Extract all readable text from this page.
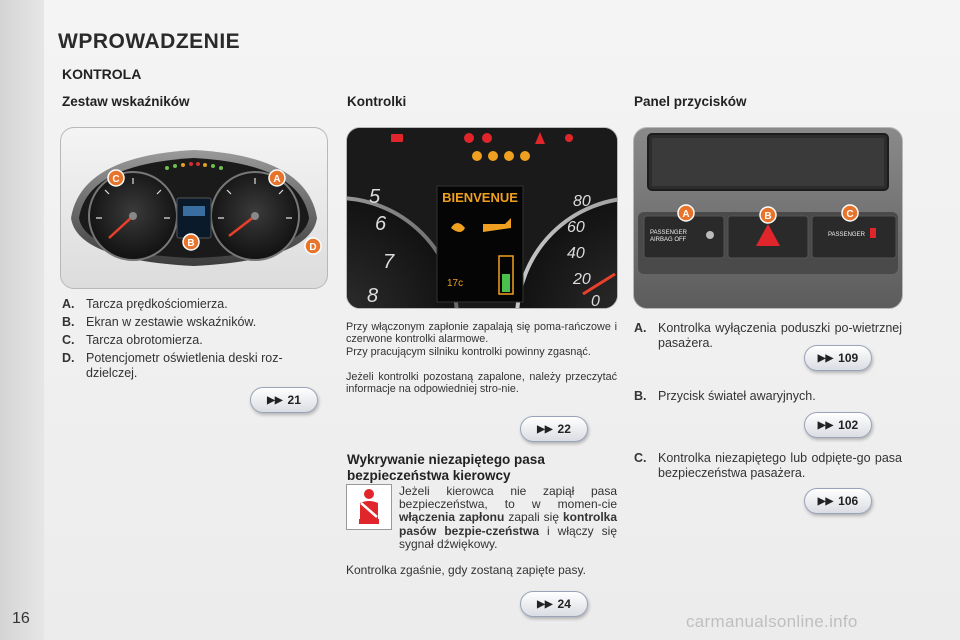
WPROWADZENIE
KONTROLA
Zestaw wskaźników	Kontrolki	Panel przycisków
C	A
B	D
A. Tarcza prędkościomierza.
B. Ekran w zestawie wskaźników.
C. Tarcza obrotomierza.
D. Potencjometr oświetlenia deski roz-dzielczej.
▶▶ 21
5
6
7
8
80
60
40
20
0
BIENVENUE
17c
Przy włączonym zapłonie zapalają się poma-rańczowe i czerwone kontrolki alarmowe.
Przy pracującym silniku kontrolki powinny zgasnąć.
Jeżeli kontrolki pozostaną zapalone, należy przeczytać informacje na odpowiedniej stro-nie.
▶▶ 22
Wykrywanie niezapiętego pasa bezpieczeństwa kierowcy
Jeżeli kierowca nie zapiął pasa bezpieczeństwa, to w momen-cie włączenia zapłonu zapali się kontrolka pasów bezpie-czeństwa i włączy się sygnał dźwiękowy.
Kontrolka zgaśnie, gdy zostaną zapięte pasy.
▶▶ 24
PASSENGER
AIRBAG OFF
PASSENGER
A	B	C
A. Kontrolka wyłączenia poduszki po-wietrznej pasażera.
▶▶ 109
B. Przycisk świateł awaryjnych.
▶▶ 102
C. Kontrolka niezapiętego lub odpięte-go pasa bezpieczeństwa pasażera.
▶▶ 106
16	carmanualsonline.info
